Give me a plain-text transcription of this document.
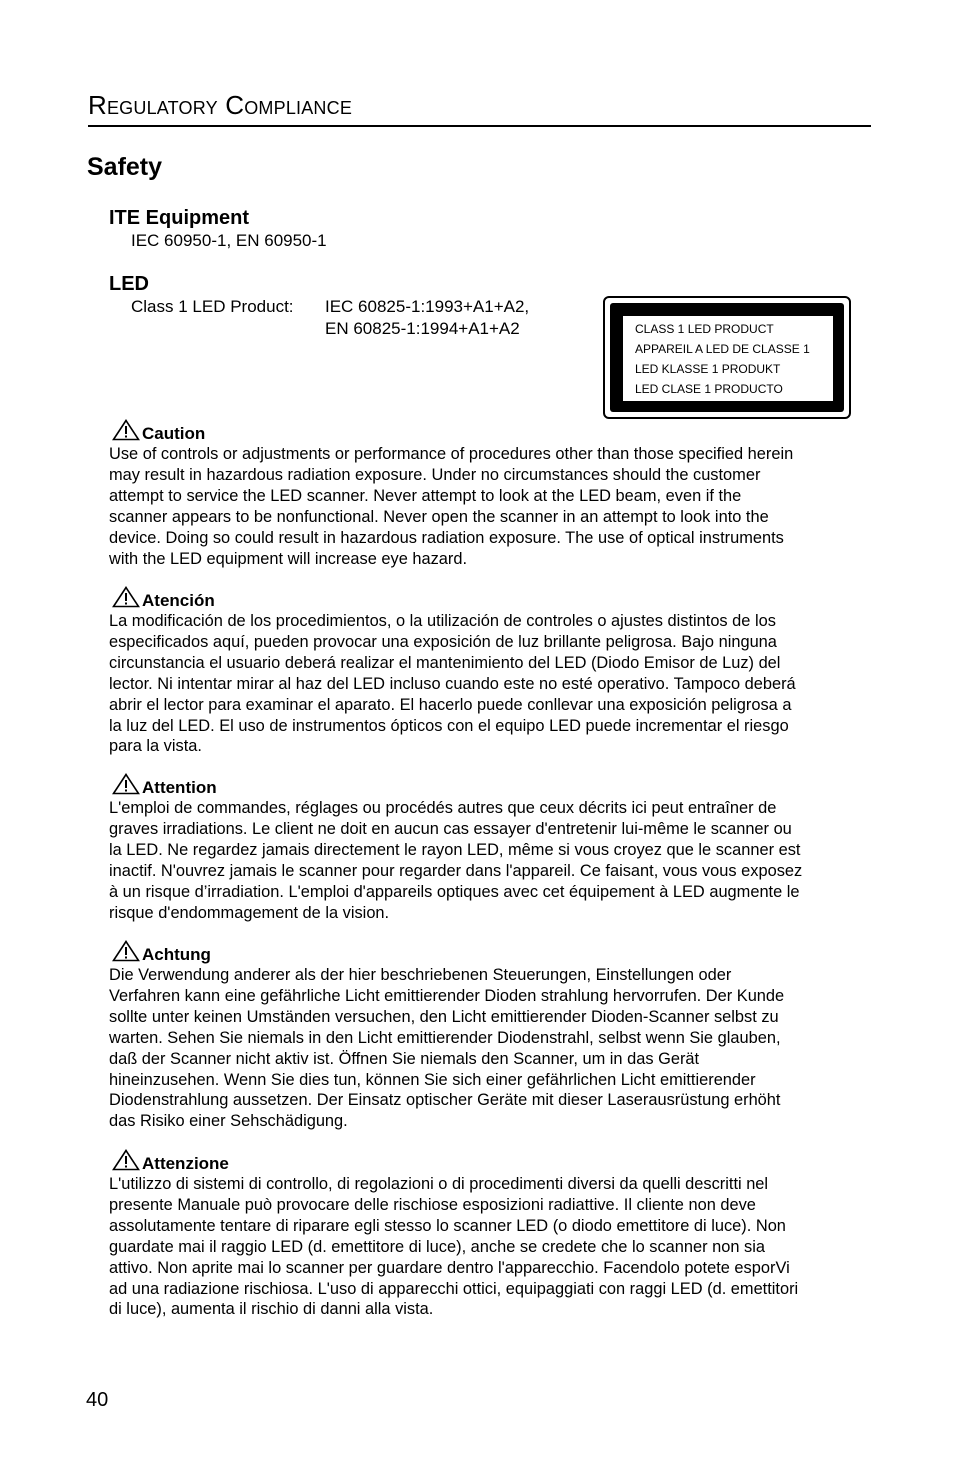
Regulatory Compliance
Safety
ITE Equipment
IEC 60950-1, EN 60950-1
LED
Class 1 LED Product: IEC 60825-1:1993+A1+A2,
EN 60825-1:1994+A1+A2	CLASS 1 LED PRODUCT
APPAREIL A LED DE CLASSE 1
LED KLASSE 1 PRODUKT
LED CLASE 1 PRODUCTO
Caution

Use of controls or adjustments or performance of procedures other than those specified herein
may result in hazardous radiation exposure. Under no circumstances should the customer
attempt to service the LED scanner. Never attempt to look at the LED beam, even if the
scanner appears to be nonfunctional. Never open the scanner in an attempt to look into the
device. Doing so could result in hazardous radiation exposure. The use of optical instruments
with the LED equipment will increase eye hazard.

Atención

La modificación de los procedimientos, o la utilización de controles o ajustes distintos de los
especificados aquí, pueden provocar una exposición de luz brillante peligrosa. Bajo ninguna
circunstancia el usuario deberá realizar el mantenimiento del LED (Diodo Emisor de Luz) del
lector. Ni intentar mirar al haz del LED incluso cuando este no esté operativo. Tampoco deberá
abrir el lector para examinar el aparato. El hacerlo puede conllevar una exposición peligrosa a
la luz del LED. El uso de instrumentos ópticos con el equipo LED puede incrementar el riesgo
para la vista.

Attention

L'emploi de commandes, réglages ou procédés autres que ceux décrits ici peut entraîner de
graves irradiations. Le client ne doit en aucun cas essayer d'entretenir lui-même le scanner ou
la LED. Ne regardez jamais directement le rayon LED, même si vous croyez que le scanner est
inactif. N'ouvrez jamais le scanner pour regarder dans l'appareil. Ce faisant, vous vous exposez
à un risque d’irradiation. L'emploi d'appareils optiques avec cet équipement à LED augmente le
risque d'endommagement de la vision.

Achtung

Die Verwendung anderer als der hier beschriebenen Steuerungen, Einstellungen oder
Verfahren kann eine gefährliche Licht emittierender Dioden strahlung hervorrufen. Der Kunde
sollte unter keinen Umständen versuchen, den Licht emittierender Dioden-Scanner selbst zu
warten. Sehen Sie niemals in den Licht emittierender Diodenstrahl, selbst wenn Sie glauben,
daß der Scanner nicht aktiv ist. Öffnen Sie niemals den Scanner, um in das Gerät
hineinzusehen. Wenn Sie dies tun, können Sie sich einer gefährlichen Licht emittierender
Diodenstrahlung aussetzen. Der Einsatz optischer Geräte mit dieser Laserausrüstung erhöht
das Risiko einer Sehschädigung.

Attenzione

L'utilizzo di sistemi di controllo, di regolazioni o di procedimenti diversi da quelli descritti nel
presente Manuale può provocare delle rischiose esposizioni radiattive. Il cliente non deve
assolutamente tentare di riparare egli stesso lo scanner LED (o diodo emettitore di luce). Non
guardate mai il raggio LED (d. emettitore di luce), anche se credete che lo scanner non sia
attivo. Non aprite mai lo scanner per guardare dentro l'apparecchio. Facendolo potete esporVi
ad una radiazione rischiosa. L'uso di apparecchi ottici, equipaggiati con raggi LED (d. emettitori
di luce), aumenta il rischio di danni alla vista.

40
